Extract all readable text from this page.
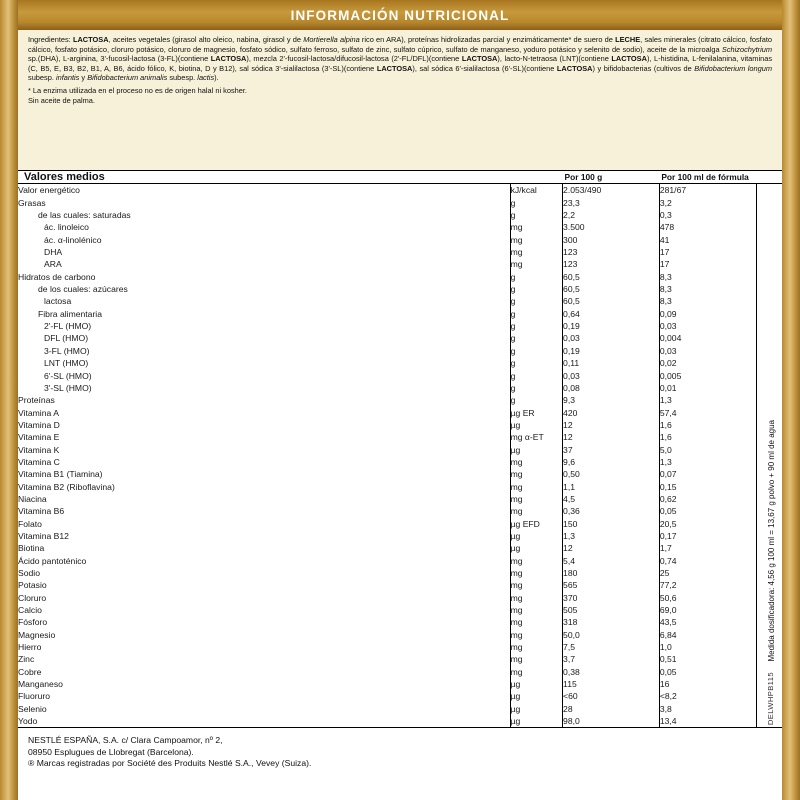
INFORMACIÓN NUTRICIONAL

Ingredientes: LACTOSA, aceites vegetales (girasol alto oleico, nabina, girasol y de Mortierella alpina rico en ARA), proteínas hidrolizadas parcial y enzimáticamente* de suero de LECHE, sales minerales (citrato cálcico, fosfato cálcico, fosfato potásico, cloruro potásico, cloruro de magnesio, fosfato sódico, sulfato ferroso, sulfato de zinc, sulfato cúprico, sulfato de manganeso, yoduro potásico y selenito de sodio), aceite de la microalga Schizochytrium sp.(DHA), L-arginina, 3'-fucosil-lactosa (3-FL)(contiene LACTOSA), mezcla 2'-fucosil-lactosa/difucosil-lactosa (2'-FL/DFL)(contiene LACTOSA), lacto-N-tetraosa (LNT)(contiene LACTOSA), L-histidina, L-fenilalanina, vitaminas (C, B5, E, B3, B2, B1, A, B6, ácido fólico, K, biotina, D y B12), sal sódica 3'-sialilactosa (3'-SL)(contiene LACTOSA), sal sódica 6'-sialilactosa (6'-SL)(contiene LACTOSA) y bifidobacterias (cultivos de Bifidobacterium longum subesp. infantis y Bifidobacterium animalis subesp. lactis).

* La enzima utilizada en el proceso no es de origen halal ni kosher.

Sin aceite de palma.

Valores medios		Por 100 g	Por 100 ml de fórmula	
Valor energético	kJ/kcal	2.053/490	281/67	Medida dosificadora: 4,56 g 100 ml = 13,67 g polvo + 90 ml de agua
DELWHPB115

Grasas	g	23,3	3,2	
de las cuales: saturadas	g	2,2	0,3	
ác. linoleico	mg	3.500	478	
ác. α-linolénico	mg	300	41	
DHA	mg	123	17	
ARA	mg	123	17	
Hidratos de carbono	g	60,5	8,3	
de los cuales: azúcares	g	60,5	8,3	
lactosa	g	60,5	8,3	
Fibra alimentaria	g	0,64	0,09	
2'-FL (HMO)	g	0,19	0,03	
DFL (HMO)	g	0,03	0,004	
3-FL (HMO)	g	0,19	0,03	
LNT (HMO)	g	0,11	0,02	
6'-SL (HMO)	g	0,03	0,005	
3'-SL (HMO)	g	0,08	0,01	
Proteínas	g	9,3	1,3	
Vitamina A	µg ER	420	57,4	
Vitamina D	µg	12	1,6	
Vitamina E	mg α-ET	12	1,6	
Vitamina K	µg	37	5,0	
Vitamina C	mg	9,6	1,3	
Vitamina B1 (Tiamina)	mg	0,50	0,07	
Vitamina B2 (Riboflavina)	mg	1,1	0,15	
Niacina	mg	4,5	0,62	
Vitamina B6	mg	0,36	0,05	
Folato	µg EFD	150	20,5	
Vitamina B12	µg	1,3	0,17	
Biotina	µg	12	1,7	
Ácido pantoténico	mg	5,4	0,74	
Sodio	mg	180	25	
Potasio	mg	565	77,2	
Cloruro	mg	370	50,6	
Calcio	mg	505	69,0	
Fósforo	mg	318	43,5	
Magnesio	mg	50,0	6,84	
Hierro	mg	7,5	1,0	
Zinc	mg	3,7	0,51	
Cobre	mg	0,38	0,05	
Manganeso	µg	115	16	
Fluoruro	µg	<60	<8,2	
Selenio	µg	28	3,8	
Yodo	µg	98,0	13,4	
NESTLÉ ESPAÑA, S.A. c/ Clara Campoamor, nº 2,
08950 Esplugues de Llobregat (Barcelona).
® Marcas registradas por Société des Produits Nestlé S.A., Vevey (Suiza).
